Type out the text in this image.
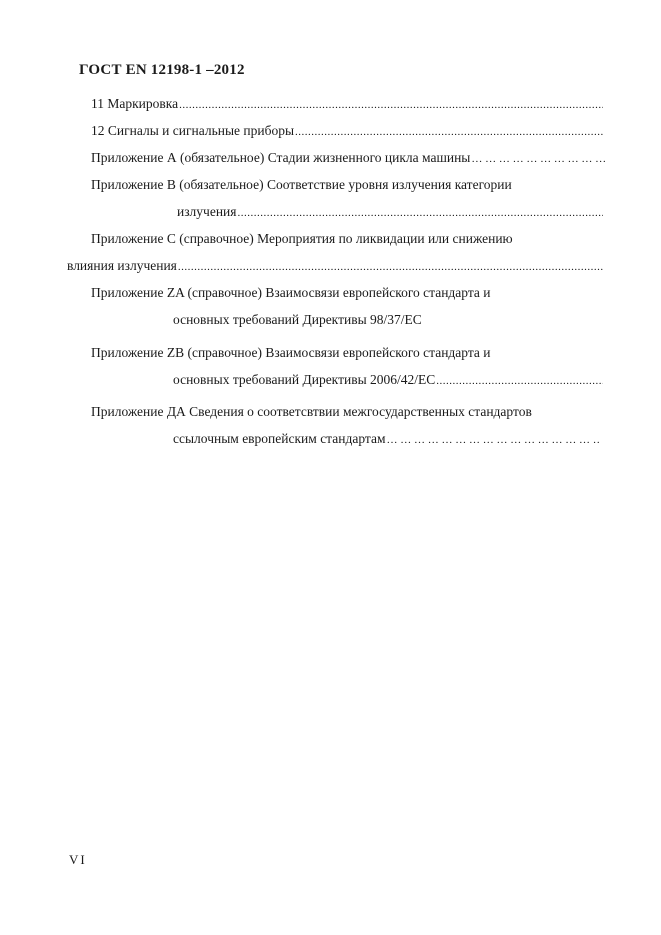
ГОСТ EN 12198-1 –2012
11 Маркировка
.....
12 Сигналы и сигнальные приборы
.....
Приложение А (обязательное) Стадии жизненного цикла машины
… … … … … … … … … … … … … … … … … … … … … … … … … … … … … … … … … … … … … … … … … … … … … … … … … … … … … … …
Приложение В (обязательное) Соответствие уровня излучения категории
излучения
.....
Приложение С (справочное) Мероприятия по ликвидации или снижению
влияния излучения
.....
Приложение ZA (справочное) Взаимосвязи европейского стандарта и
основных требований Директивы 98/37/ЕС
Приложение ZB (справочное) Взаимосвязи европейского стандарта и
основных требований Директивы 2006/42/ЕС
.....
Приложение ДА Сведения о соответсвтвии межгосударственных стандартов
ссылочным европейским стандартам
… … … … … … … … … … … … … … … … … … … … … … … … … … … … … … … … … … … … … … … … … … … … … … … … … … … … … … …
VI
